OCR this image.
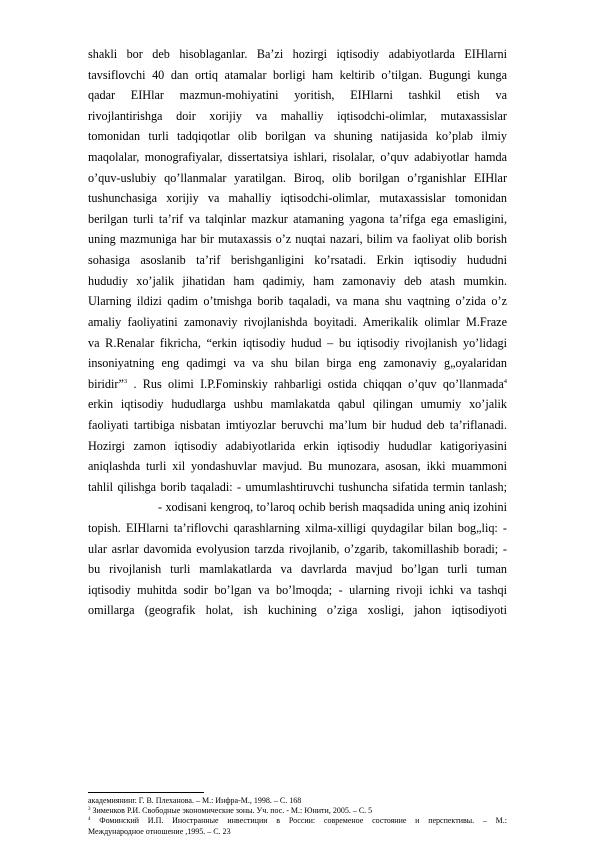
shakli bor deb hisoblaganlar. Ba’zi hozirgi iqtisodiy adabiyotlarda EIHlarni
tavsiflovchi 40 dan ortiq atamalar borligi ham keltirib o’tilgan. Bugungi kunga
qadar EIHlar mazmun-mohiyatini yoritish, EIHlarni tashkil etish va
rivojlantirishga doir xorijiy va mahalliy iqtisodchi-olimlar, mutaxassislar
tomonidan turli tadqiqotlar olib borilgan va shuning natijasida ko’plab ilmiy
maqolalar, monografiyalar, dissertatsiya ishlari, risolalar, o’quv adabiyotlar hamda
o’quv-uslubiy qo’llanmalar yaratilgan. Biroq, olib borilgan o’rganishlar EIHlar
tushunchasiga xorijiy va mahalliy iqtisodchi-olimlar, mutaxassislar tomonidan
berilgan turli ta’rif va talqinlar mazkur atamaning yagona ta’rifga ega emasligini,
uning mazmuniga har bir mutaxassis o’z nuqtai nazari, bilim va faoliyat olib borish
sohasiga asoslanib ta’rif berishganligini ko’rsatadi. Erkin iqtisodiy hududni
hududiy xo’jalik jihatidan ham qadimiy, ham zamonaviy deb atash mumkin.
Ularning ildizi qadim o’tmishga borib taqaladi, va mana shu vaqtning o’zida o’z
amaliy faoliyatini zamonaviy rivojlanishda boyitadi. Amerikalik olimlar M.Fraze
va R.Renalar fikricha, “erkin iqtisodiy hudud – bu iqtisodiy rivojlanish yo’lidagi
insoniyatning eng qadimgi va va shu bilan birga eng zamonaviy g„oyalaridan
biridir”$^3$ . Rus olimi I.P.Fominskiy rahbarligi ostida chiqqan o’quv qo’llanmada$^4$
erkin iqtisodiy hududlarga ushbu mamlakatda qabul qilingan umumiy xo’jalik
faoliyati tartibiga nisbatan imtiyozlar beruvchi ma’lum bir hudud deb ta’riflanadi.
Hozirgi zamon iqtisodiy adabiyotlarida erkin iqtisodiy hududlar katigoriyasini
aniqlashda turli xil yondashuvlar mavjud. Bu munozara, asosan, ikki muammoni
tahlil qilishga borib taqaladi: - umumlashtiruvchi tushuncha sifatida termin tanlash;
- xodisani kengroq, to’laroq ochib berish maqsadida uning aniq izohini
topish. EIHlarni ta’riflovchi qarashlarning xilma-xilligi quydagilar bilan bog„liq: -
ular asrlar davomida evolyusion tarzda rivojlanib, o’zgarib, takomillashib boradi; -
bu rivojlanish turli mamlakatlarda va davrlarda mavjud bo’lgan turli tuman
iqtisodiy muhitda sodir bo’lgan va bo’lmoqda; - ularning rivoji ichki va tashqi
omillarga (geografik holat, ish kuchining o’ziga xosligi, jahon iqtisodiyoti
академиянинг. Г. В. Плеханова. – М.: Инфра-М., 1998. – С. 168
$^3$ Зименков Р.И. Свободные экономические зоны. Уч. пос. - М.: Юнити, 2005. – С. 5
$^4$ Фоминский И.П. Иностранные инвестиции в России: современое состояние и перспективы. – М.:
Международное отношение ,1995. – С. 23
